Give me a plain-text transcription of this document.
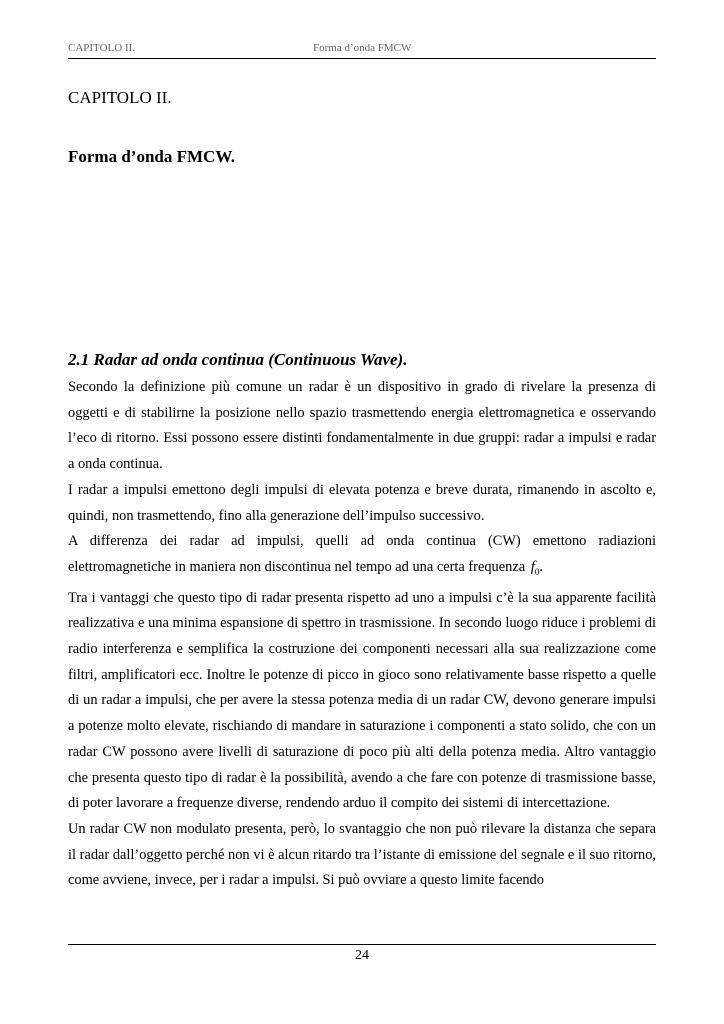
CAPITOLO II.	Forma d’onda FMCW
CAPITOLO II.
Forma d’onda FMCW.
2.1 Radar ad onda continua (Continuous Wave).

Secondo la definizione più comune un radar è un dispositivo in grado di rivelare la presenza di oggetti e di stabilirne la posizione nello spazio trasmettendo energia elettromagnetica e osservando l’eco di ritorno. Essi possono essere distinti fondamentalmente in due gruppi: radar a impulsi e radar a onda continua.

I radar a impulsi emettono degli impulsi di elevata potenza e breve durata, rimanendo in ascolto e, quindi, non trasmettendo, fino alla generazione dell’impulso successivo.

A differenza dei radar ad impulsi, quelli ad onda continua (CW) emettono radiazioni elettromagnetiche in maniera non discontinua nel tempo ad una certa frequenza $f_0$.

Tra i vantaggi che questo tipo di radar presenta rispetto ad uno a impulsi c’è la sua apparente facilità realizzativa e una minima espansione di spettro in trasmissione. In secondo luogo riduce i problemi di radio interferenza e semplifica la costruzione dei componenti necessari alla sua realizzazione come filtri, amplificatori ecc. Inoltre le potenze di picco in gioco sono relativamente basse rispetto a quelle di un radar a impulsi, che per avere la stessa potenza media di un radar CW, devono generare impulsi a potenze molto elevate, rischiando di mandare in saturazione i componenti a stato solido, che con un radar CW possono avere livelli di saturazione di poco più alti della potenza media. Altro vantaggio che presenta questo tipo di radar è la possibilità, avendo a che fare con potenze di trasmissione basse, di poter lavorare a frequenze diverse, rendendo arduo il compito dei sistemi di intercettazione.

Un radar CW non modulato presenta, però, lo svantaggio che non può rilevare la distanza che separa il radar dall’oggetto perché non vi è alcun ritardo tra l’istante di emissione del segnale e il suo ritorno, come avviene, invece, per i radar a impulsi. Si può ovviare a questo limite facendo

24
